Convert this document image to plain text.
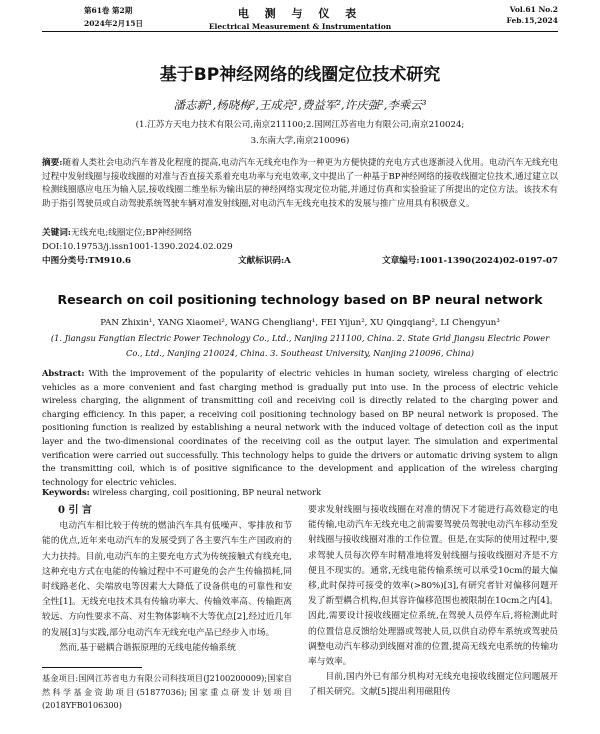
第61卷 第2期
2024年2月15日
电 测 与 仪 表
Electrical Measurement & Instrumentation
Vol.61 No.2
Feb.15,2024
基于BP神经网络的线圈定位技术研究
潘志新¹,杨晓梅²,王成亮¹,费益军²,许庆强²,李乘云³
(1.江苏方天电力技术有限公司,南京211100;2.国网江苏省电力有限公司,南京210024;
3.东南大学,南京210096)
摘要:随着人类社会电动汽车普及化程度的提高,电动汽车无线充电作为一种更为方便快捷的充电方式也逐渐浸入优用。电动汽车无线充电过程中发射线圈与接收线圈的对准与否直接关系着充电功率与充电效率,文中提出了一种基于BP神经网络的接收线圈定位技术,通过建立以检测线圈感应电压为输入层,接收线圈二维坐标为输出层的神经网络实现定位功能,并通过仿真和实验验证了所提出的定位方法。该技术有助于指引驾驶员或自动驾驶系统驾驶车辆对准发射线圈,对电动汽车无线充电技术的发展与推广应用具有积极意义。
关键词:无线充电;线圈定位;BP神经网络
DOI:10.19753/j.issn1001-1390.2024.02.029
中图分类号:TM910.6	文献标识码:A	文章编号:1001-1390(2024)02-0197-07
Research on coil positioning technology based on BP neural network
PAN Zhixin¹, YANG Xiaomei², WANG Chengliang¹, FEI Yijun², XU Qingqiang², LI Chengyun³
(1. Jiangsu Fangtian Electric Power Technology Co., Ltd., Nanjing 211100, China. 2. State Grid Jiangsu Electric Power
Co., Ltd., Nanjing 210024, China. 3. Southeast University, Nanjing 210096, China)
Abstract: With the improvement of the popularity of electric vehicles in human society, wireless charging of electric vehicles as a more convenient and fast charging method is gradually put into use. In the process of electric vehicle wireless charging, the alignment of transmitting coil and receiving coil is directly related to the charging power and charging efficiency. In this paper, a receiving coil positioning technology based on BP neural network is proposed. The positioning function is realized by establishing a neural network with the induced voltage of detection coil as the input layer and the two-dimensional coordinates of the receiving coil as the output layer. The simulation and experimental verification were carried out successfully. This technology helps to guide the drivers or automatic driving system to align the transmitting coil, which is of positive significance to the development and application of the wireless charging technology for electric vehicles.
Keywords: wireless charging, coil positioning, BP neural network
0 引 言

电动汽车相比较于传统的燃油汽车具有低噪声、零排放和节能的优点,近年来电动汽车的发展受到了各主要汽车生产国政府的大力扶持。目前,电动汽车的主要充电方式为传统接触式有线充电,这种充电方式在电能的传输过程中不可避免的会产生传输损耗,同时线路老化、尖端放电等因素大大降低了设备供电的可靠性和安全性[1]。无线充电技术具有传输功率大、传输效率高、传输距离较远、方向性要求不高、对生物体影响不大等优点[2],经过近几年的发展[3]与实践,部分电动汽车无线充电产品已经步入市场。

然而,基于磁耦合谐振原理的无线电能传输系统

基金项目:国网江苏省电力有限公司科技项目(J2100200009);国家自然科学基金资助项目(51877036);国家重点研发计划项目(2018YFB0106300)

要求发射线圈与接收线圈在对准的情况下才能进行高效稳定的电能传输,电动汽车无线充电之前需要驾驶员驾驶电动汽车移动至发射线圈与接收线圈对准的工作位置。但是,在实际的使用过程中,要求驾驶人员每次停车时精准地将发射线圈与接收线圈对齐是不方便且不现实的。通常,无线电能传输系统可以承受10cm的最大偏移,此时保持可接受的效率(>80%)[3],有研究者针对偏移问题开发了新型耦合机构,但其容许偏移范围也被限制在10cm之内[4]。因此,需要设计接收线圈定位系统,在驾驶人员停车后,将检测此时的位置信息反馈给处理器或驾驶人员,以供自动停车系统或驾驶员调整电动汽车移动到线圈对准的位置,提高无线充电系统的传输功率与效率。

目前,国内外已有部分机构对无线充电接收线圈定位问题展开了相关研究。文献[5]提出利用磁阻传
